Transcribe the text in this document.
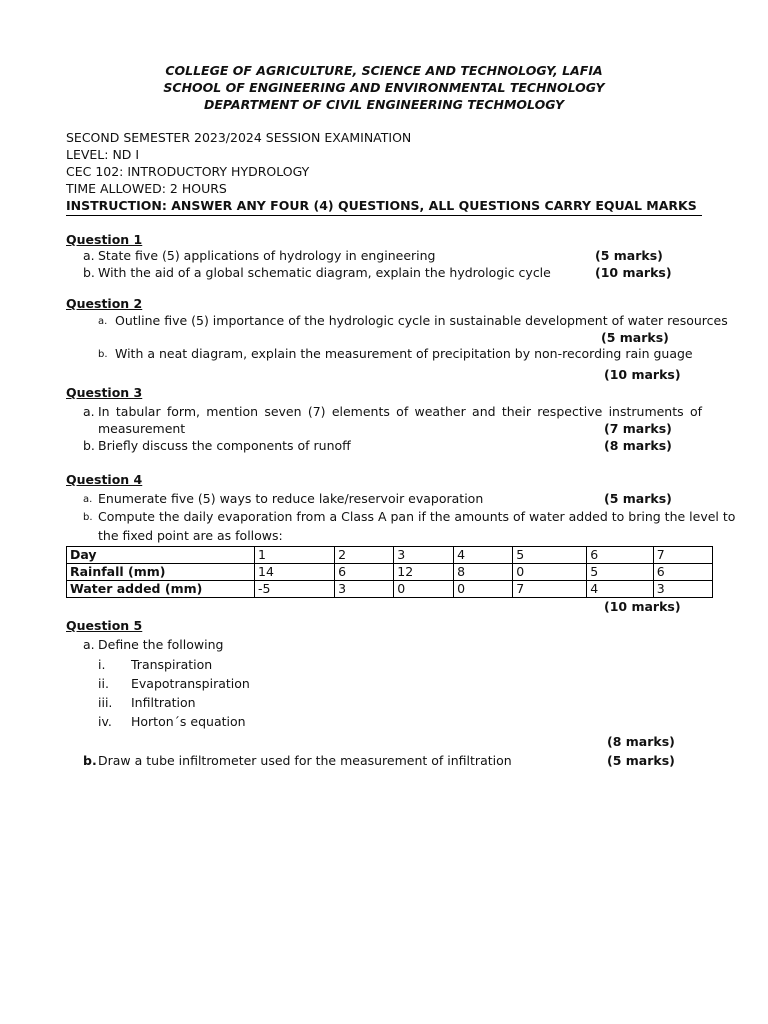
COLLEGE OF AGRICULTURE, SCIENCE AND TECHNOLOGY, LAFIA
SCHOOL OF ENGINEERING AND ENVIRONMENTAL TECHNOLOGY
DEPARTMENT OF CIVIL ENGINEERING TECHMOLOGY
SECOND SEMESTER 2023/2024 SESSION EXAMINATION
LEVEL: ND I
CEC 102: INTRODUCTORY HYDROLOGY
TIME ALLOWED: 2 HOURS
INSTRUCTION: ANSWER ANY FOUR (4) QUESTIONS, ALL QUESTIONS CARRY EQUAL MARKS
Question 1
a. State five (5) applications of hydrology in engineering	(5 marks)
b. With the aid of a global schematic diagram, explain the hydrologic cycle	(10 marks)
Question 2
a. Outline five (5) importance of the hydrologic cycle in sustainable development of water resources
(5 marks)
b. With a neat diagram, explain the measurement of precipitation by non-recording rain guage
(10 marks)
Question 3
a. In tabular form, mention seven (7) elements of weather and their respective instruments of
measurement	(7 marks)
b. Briefly discuss the components of runoff	(8 marks)
Question 4
a. Enumerate five (5) ways to reduce lake/reservoir evaporation	(5 marks)
b. Compute the daily evaporation from a Class A pan if the amounts of water added to bring the level to
the fixed point are as follows:
Day	1	2	3	4	5	6	7
Rainfall (mm)	14	6	12	8	0	5	6
Water added (mm)	-5	3	0	0	7	4	3
(10 marks)
Question 5
a. Define the following
i. Transpiration
ii. Evapotranspiration
iii. Infiltration
iv. Horton´s equation
(8 marks)
b. Draw a tube infiltrometer used for the measurement of infiltration	(5 marks)
